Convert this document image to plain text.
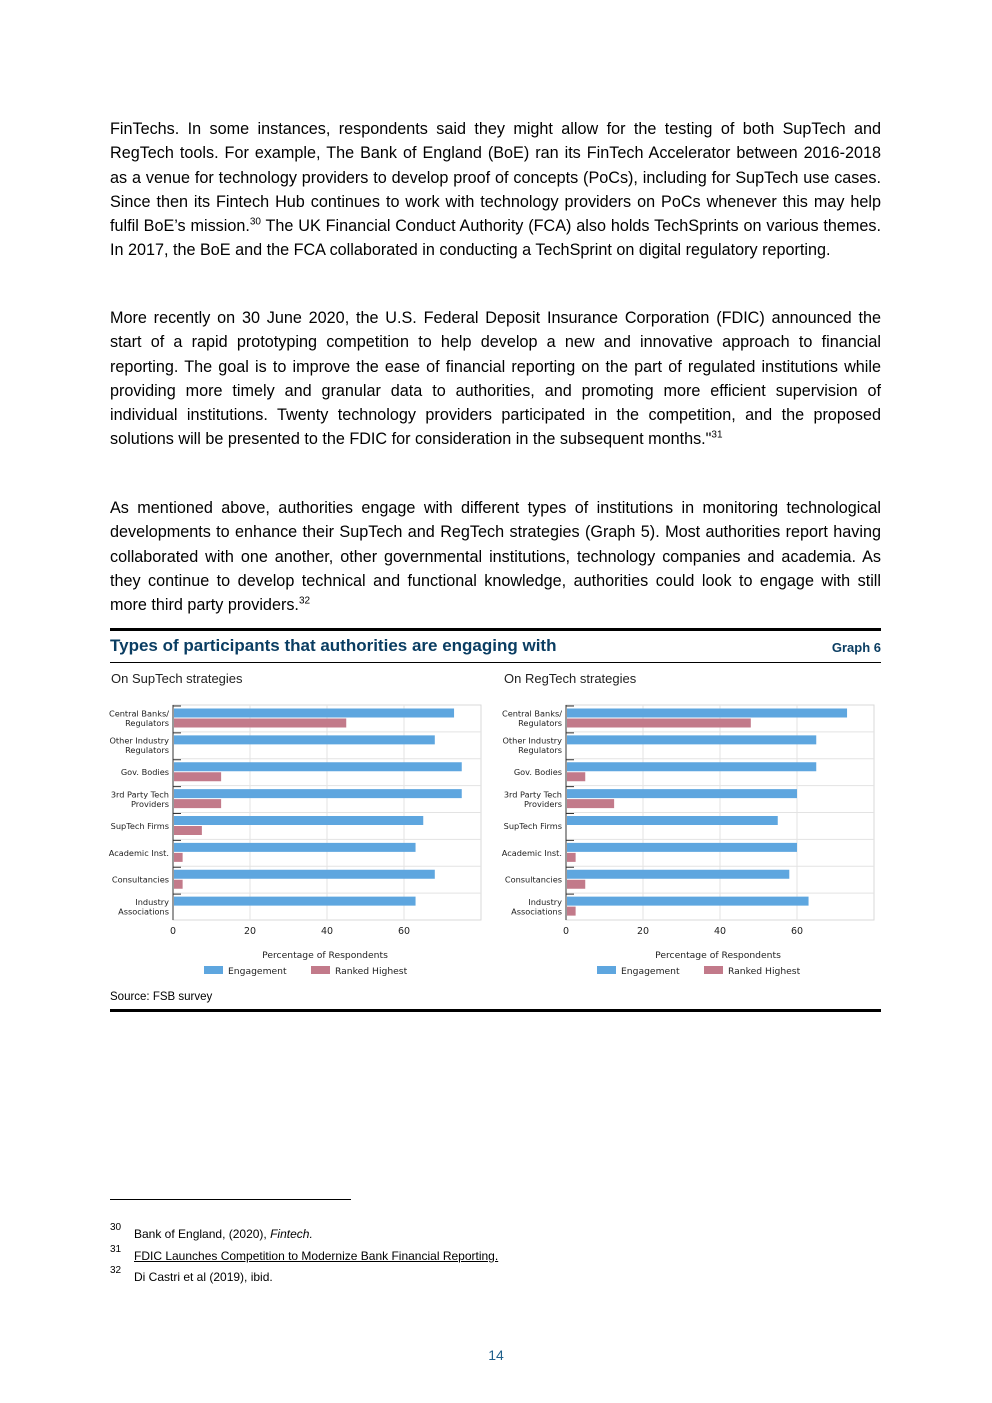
FinTechs. In some instances, respondents said they might allow for the testing of both SupTech and RegTech tools. For example, The Bank of England (BoE) ran its FinTech Accelerator between 2016-2018 as a venue for technology providers to develop proof of concepts (PoCs), including for SupTech use cases. Since then its Fintech Hub continues to work with technology providers on PoCs whenever this may help fulfil BoE’s mission.$^{30}$ The UK Financial Conduct Authority (FCA) also holds TechSprints on various themes. In 2017, the BoE and the FCA collaborated in conducting a TechSprint on digital regulatory reporting.

More recently on 30 June 2020, the U.S. Federal Deposit Insurance Corporation (FDIC) announced the start of a rapid prototyping competition to help develop a new and innovative approach to financial reporting. The goal is to improve the ease of financial reporting on the part of regulated institutions while providing more timely and granular data to authorities, and promoting more efficient supervision of individual institutions. Twenty technology providers participated in the competition, and the proposed solutions will be presented to the FDIC for consideration in the subsequent months."$^{31}$

As mentioned above, authorities engage with different types of institutions in monitoring technological developments to enhance their SupTech and RegTech strategies (Graph 5). Most authorities report having collaborated with one another, other governmental institutions, technology companies and academia. As they continue to develop technical and functional knowledge, authorities could look to engage with still more third party providers.$^{32}$

Types of participants that authorities are engaging with	Graph 6
On SupTech strategies	On RegTech strategies
Central Banks/ Regulators
Other Industry Regulators
Gov. Bodies
3rd Party Tech Providers
SupTech Firms
Academic Inst.
Consultancies
Industry Associations
0	20	40	60
Percentage of Respondents
Engagement	Ranked Highest
Central Banks/ Regulators
Other Industry Regulators
Gov. Bodies
3rd Party Tech Providers
SupTech Firms
Academic Inst.
Consultancies
Industry Associations
0	20	40	60
Percentage of Respondents
Engagement	Ranked Highest
Source: FSB survey
30 Bank of England, (2020), Fintech.
31 FDIC Launches Competition to Modernize Bank Financial Reporting.
32 Di Castri et al (2019), ibid.
14
